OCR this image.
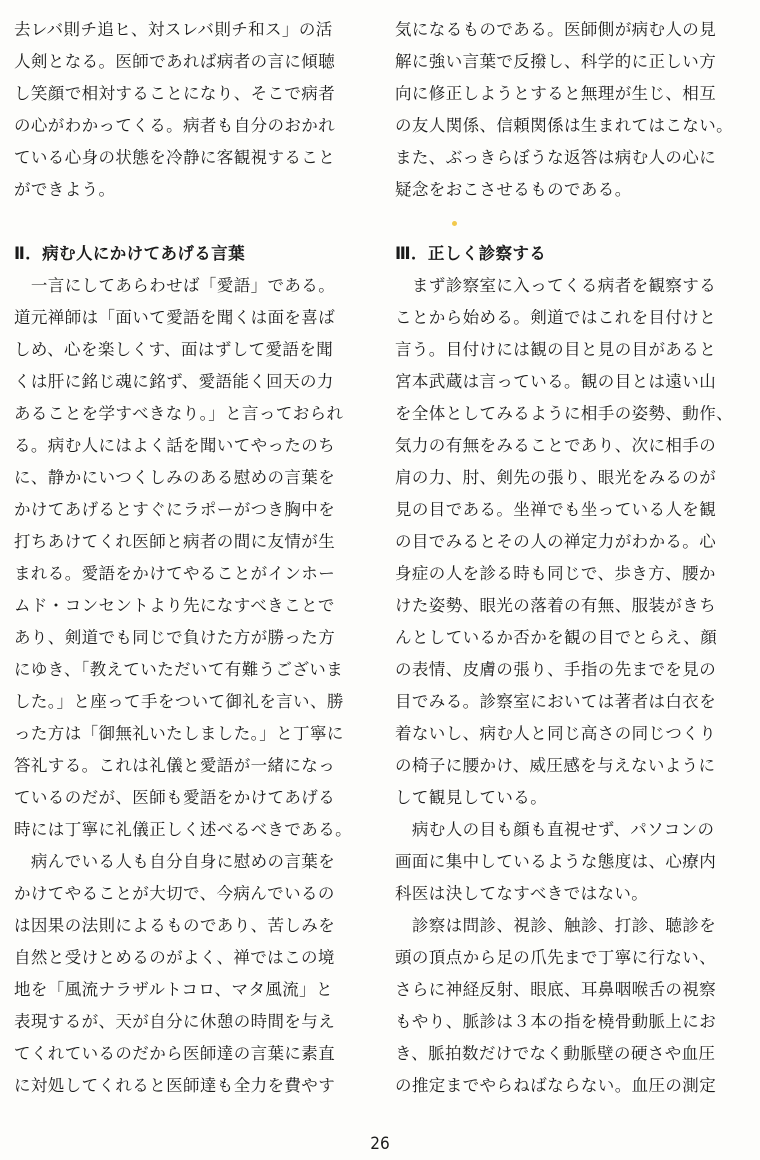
去レバ則チ追ヒ、対スレバ則チ和ス」の活
人剣となる。医師であれば病者の言に傾聴
し笑顔で相対することになり、そこで病者
の心がわかってくる。病者も自分のおかれ
ている心身の状態を冷静に客観視すること
ができよう。
Ⅱ．病む人にかけてあげる言葉
　一言にしてあらわせば「愛語」である。
道元禅師は「面いて愛語を聞くは面を喜ば
しめ、心を楽しくす、面はずして愛語を聞
くは肝に銘じ魂に銘ず、愛語能く回天の力
あることを学すべきなり。」と言っておられ
る。病む人にはよく話を聞いてやったのち
に、静かにいつくしみのある慰めの言葉を
かけてあげるとすぐにラポーがつき胸中を
打ちあけてくれ医師と病者の間に友情が生
まれる。愛語をかけてやることがインホー
ムド・コンセントより先になすべきことで
あり、剣道でも同じで負けた方が勝った方
にゆき、「教えていただいて有難うございま
した。」と座って手をついて御礼を言い、勝
った方は「御無礼いたしました。」と丁寧に
答礼する。これは礼儀と愛語が一緒になっ
ているのだが、医師も愛語をかけてあげる
時には丁寧に礼儀正しく述べるべきである。
　病んでいる人も自分自身に慰めの言葉を
かけてやることが大切で、今病んでいるの
は因果の法則によるものであり、苦しみを
自然と受けとめるのがよく、禅ではこの境
地を「風流ナラザルトコロ、マタ風流」と
表現するが、天が自分に休憩の時間を与え
てくれているのだから医師達の言葉に素直
に対処してくれると医師達も全力を費やす
気になるものである。医師側が病む人の見
解に強い言葉で反撥し、科学的に正しい方
向に修正しようとすると無理が生じ、相互
の友人関係、信頼関係は生まれてはこない。
また、ぶっきらぼうな返答は病む人の心に
疑念をおこさせるものである。
Ⅲ．正しく診察する
　まず診察室に入ってくる病者を観察する
ことから始める。剣道ではこれを目付けと
言う。目付けには観の目と見の目があると
宮本武蔵は言っている。観の目とは遠い山
を全体としてみるように相手の姿勢、動作、
気力の有無をみることであり、次に相手の
肩の力、肘、剣先の張り、眼光をみるのが
見の目である。坐禅でも坐っている人を観
の目でみるとその人の禅定力がわかる。心
身症の人を診る時も同じで、歩き方、腰か
けた姿勢、眼光の落着の有無、服装がきち
んとしているか否かを観の目でとらえ、顔
の表情、皮膚の張り、手指の先までを見の
目でみる。診察室においては著者は白衣を
着ないし、病む人と同じ高さの同じつくり
の椅子に腰かけ、威圧感を与えないように
して観見している。
　病む人の目も顔も直視せず、パソコンの
画面に集中しているような態度は、心療内
科医は決してなすべきではない。
　診察は問診、視診、触診、打診、聴診を
頭の頂点から足の爪先まで丁寧に行ない、
さらに神経反射、眼底、耳鼻咽喉舌の視察
もやり、脈診は３本の指を橈骨動脈上にお
き、脈拍数だけでなく動脈壁の硬さや血圧
の推定までやらねばならない。血圧の測定
26
